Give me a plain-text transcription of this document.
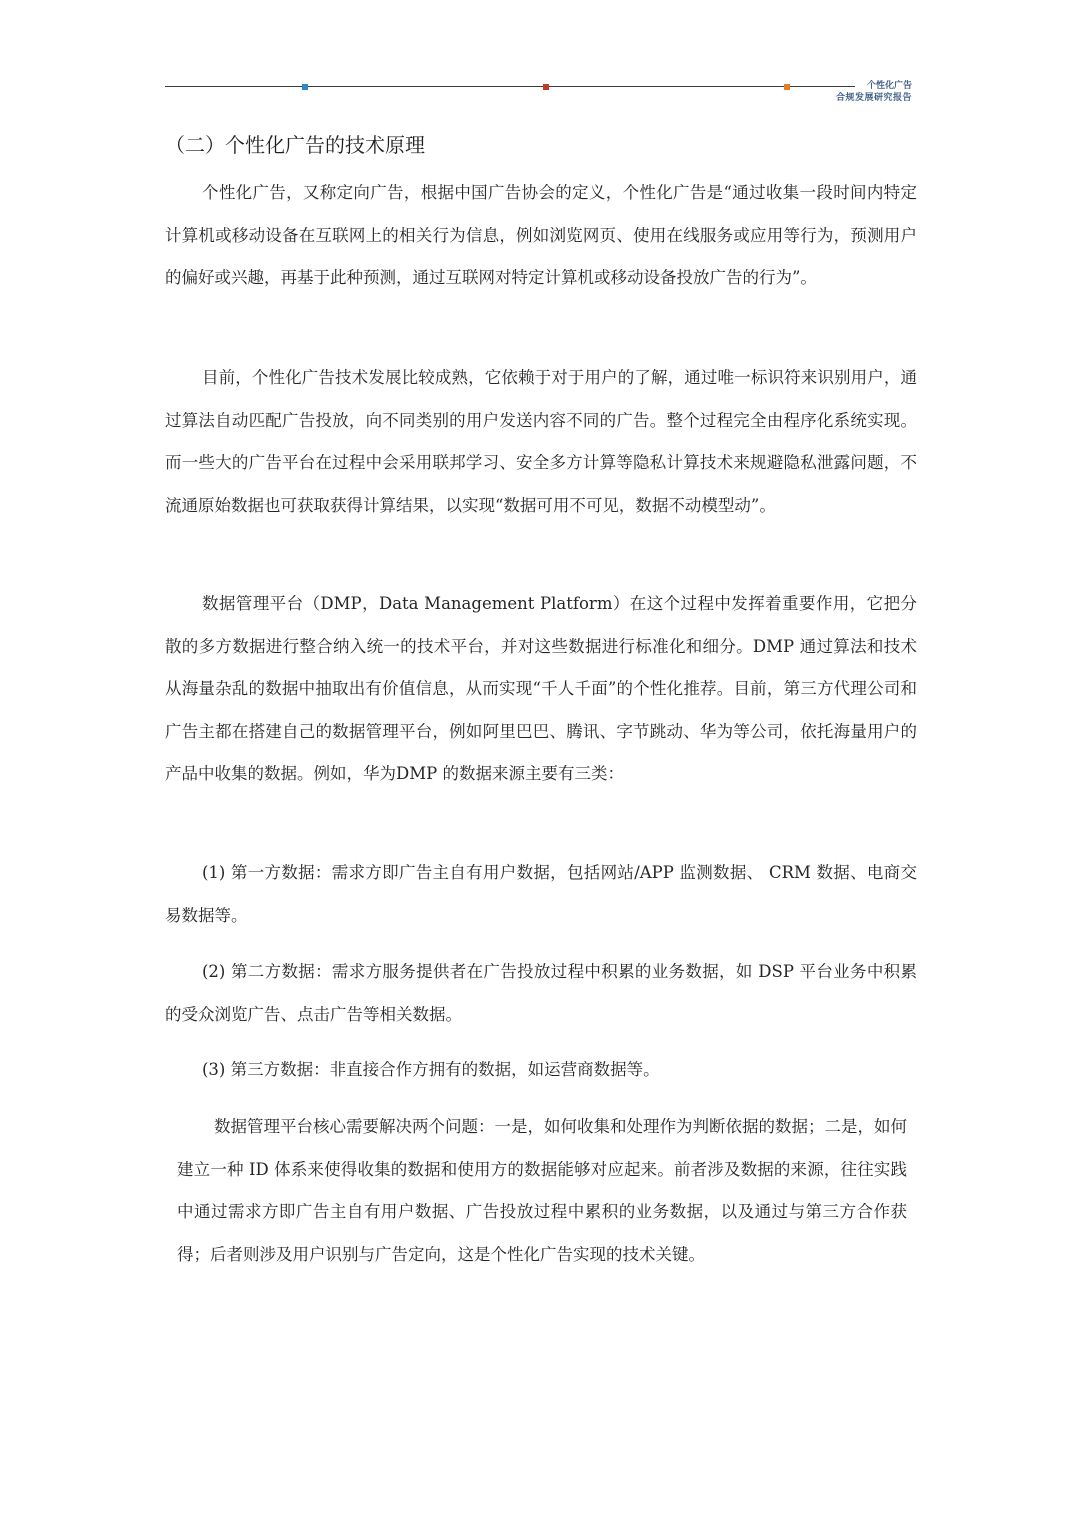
个性化广告
合规发展研究报告
（二）个性化广告的技术原理

个性化广告，又称定向广告，根据中国广告协会的定义，个性化广告是“通过收集一段时间内特定计算机或移动设备在互联网上的相关行为信息，例如浏览网页、使用在线服务或应用等行为，预测用户的偏好或兴趣，再基于此种预测，通过互联网对特定计算机或移动设备投放广告的行为”。

目前，个性化广告技术发展比较成熟，它依赖于对于用户的了解，通过唯一标识符来识别用户，通过算法自动匹配广告投放，向不同类别的用户发送内容不同的广告。整个过程完全由程序化系统实现。而一些大的广告平台在过程中会采用联邦学习、安全多方计算等隐私计算技术来规避隐私泄露问题，不流通原始数据也可获取获得计算结果，以实现“数据可用不可见，数据不动模型动”。

数据管理平台（DMP，Data Management Platform）在这个过程中发挥着重要作用，它把分散的多方数据进行整合纳入统一的技术平台，并对这些数据进行标准化和细分。DMP 通过算法和技术从海量杂乱的数据中抽取出有价值信息，从而实现“千人千面”的个性化推荐。目前，第三方代理公司和广告主都在搭建自己的数据管理平台，例如阿里巴巴、腾讯、字节跳动、华为等公司，依托海量用户的产品中收集的数据。例如，华为DMP 的数据来源主要有三类：

(1) 第一方数据：需求方即广告主自有用户数据，包括网站/APP 监测数据、 CRM 数据、电商交易数据等。

(2) 第二方数据：需求方服务提供者在广告投放过程中积累的业务数据，如 DSP 平台业务中积累的受众浏览广告、点击广告等相关数据。

(3) 第三方数据：非直接合作方拥有的数据，如运营商数据等。

数据管理平台核心需要解决两个问题：一是，如何收集和处理作为判断依据的数据；二是，如何建立一种 ID 体系来使得收集的数据和使用方的数据能够对应起来。前者涉及数据的来源，往往实践中通过需求方即广告主自有用户数据、广告投放过程中累积的业务数据，以及通过与第三方合作获得；后者则涉及用户识别与广告定向，这是个性化广告实现的技术关键。
